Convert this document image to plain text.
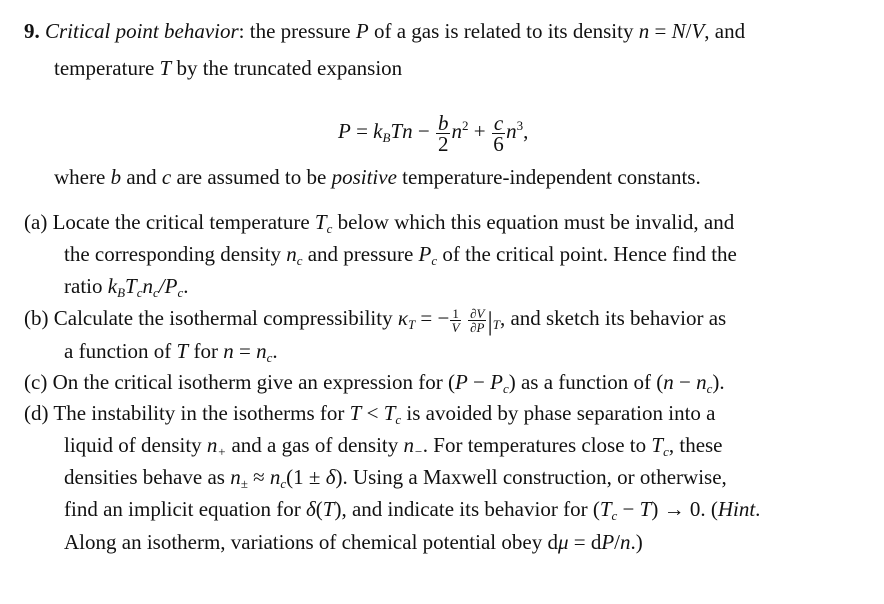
9. Critical point behavior: the pressure P of a gas is related to its density n = N/V, and
temperature T by the truncated expansion
$P = k_BTn - \frac{b}{2} n^2 + \frac{c}{6} n^3$,
where b and c are assumed to be positive temperature-independent constants.
(a) Locate the critical temperature $T_c$ below which this equation must be invalid, and
the corresponding density $n_c$ and pressure $P_c$ of the critical point. Hence find the
ratio $k_BT_cn_c/P_c$.
(b) Calculate the isothermal compressibility $\kappa_T$ = − $\frac{1}{V}$
$\frac{\partial V}{\partial P} |_T$, and sketch its behavior as
a function of T for $n = n_c$.
(c) On the critical isotherm give an expression for $(P - P_c)$ as a function of $(n - n_c)$.
(d) The instability in the isotherms for $T < T_c$ is avoided by phase separation into a
liquid of density $n_+$ and a gas of density $n_-$. For temperatures close to $T_c$, these
densities behave as $n_\pm \approx n_c(1 \pm \delta)$. Using a Maxwell construction, or otherwise,
find an implicit equation for δ(T), and indicate its behavior for $(T_c - T) \to 0$. (Hint.
Along an isotherm, variations of chemical potential obey dμ = dP/n.)
